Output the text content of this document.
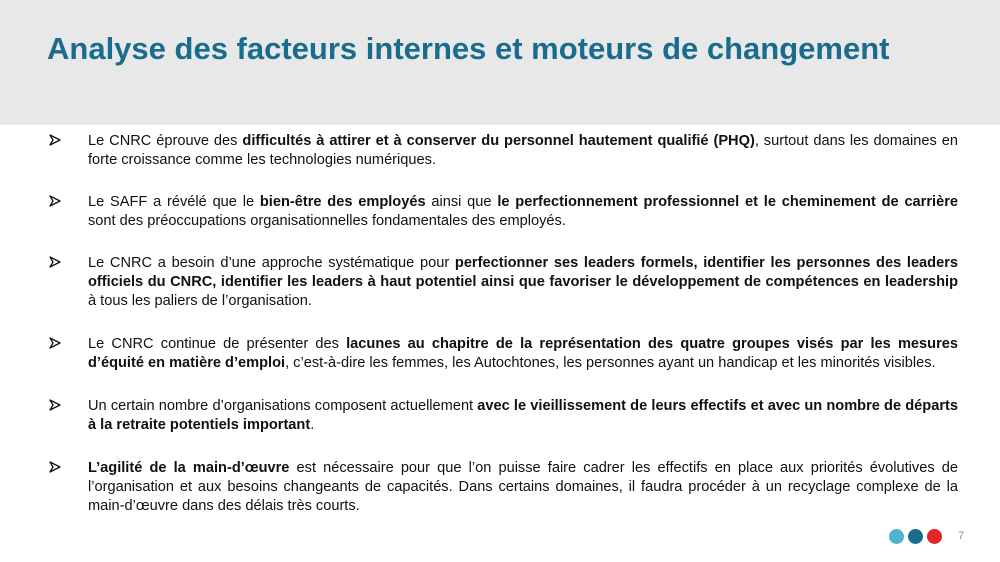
Analyse des facteurs internes et moteurs de changement
Le CNRC éprouve des difficultés à attirer et à conserver du personnel hautement qualifié (PHQ), surtout dans les domaines en forte croissance comme les technologies numériques.
Le SAFF a révélé que le bien-être des employés ainsi que le perfectionnement professionnel et le cheminement de carrière sont des préoccupations organisationnelles fondamentales des employés.
Le CNRC a besoin d’une approche systématique pour perfectionner ses leaders formels, identifier les personnes des leaders officiels du CNRC, identifier les leaders à haut potentiel ainsi que favoriser le développement de compétences en leadership à tous les paliers de l’organisation.
Le CNRC continue de présenter des lacunes au chapitre de la représentation des quatre groupes visés par les mesures d’équité en matière d’emploi, c’est-à-dire les femmes, les Autochtones, les personnes ayant un handicap et les minorités visibles.
Un certain nombre d’organisations composent actuellement avec le vieillissement de leurs effectifs et avec un nombre de départs à la retraite potentiels important.
L’agilité de la main-d’œuvre est nécessaire pour que l’on puisse faire cadrer les effectifs en place aux priorités évolutives de l’organisation et aux besoins changeants de capacités. Dans certains domaines, il faudra procéder à un recyclage complexe de la main-d’œuvre dans des délais très courts.
7
